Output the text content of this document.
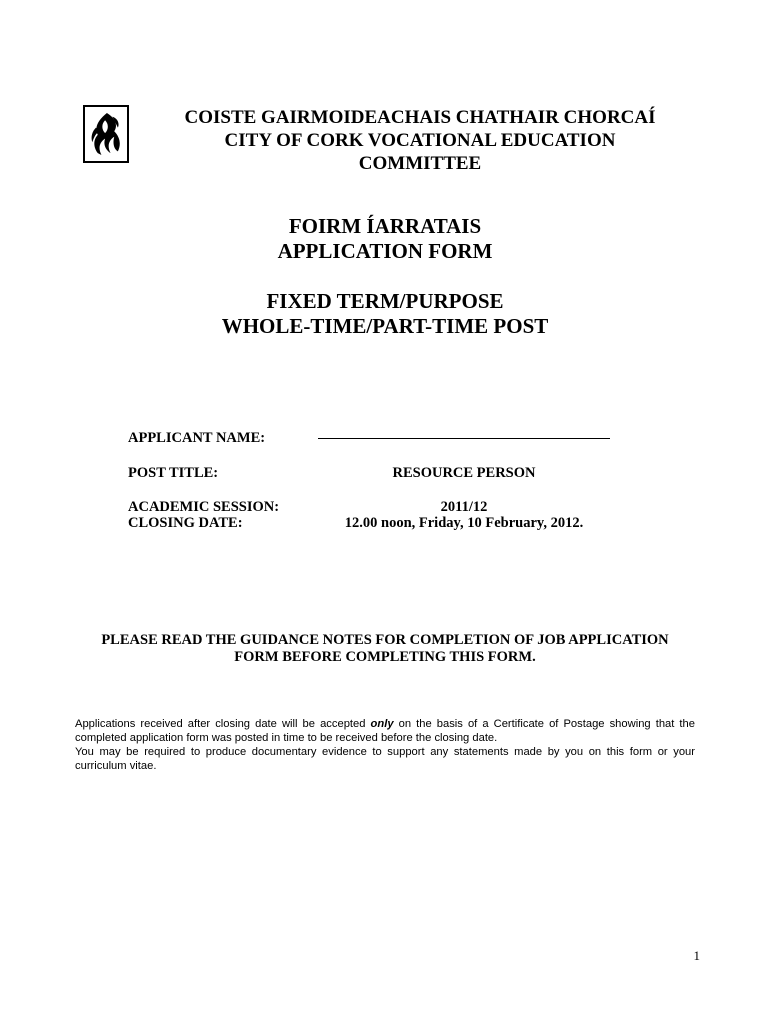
COISTE GAIRMOIDEACHAIS CHATHAIR CHORCAÍ
CITY OF CORK VOCATIONAL EDUCATION
COMMITTEE
FOIRM ÍARRATAIS
APPLICATION FORM
FIXED TERM/PURPOSE
WHOLE-TIME/PART-TIME POST
APPLICANT NAME:
POST TITLE:	RESOURCE PERSON
ACADEMIC SESSION:	2011/12
CLOSING DATE:	12.00 noon, Friday, 10 February, 2012.
PLEASE READ THE GUIDANCE NOTES FOR COMPLETION OF JOB APPLICATION
FORM BEFORE COMPLETING THIS FORM.

Applications received after closing date will be accepted only on the basis of a Certificate of Postage showing that the completed application form was posted in time to be received before the closing date.

You may be required to produce documentary evidence to support any statements made by you on this form or your curriculum vitae.

1
